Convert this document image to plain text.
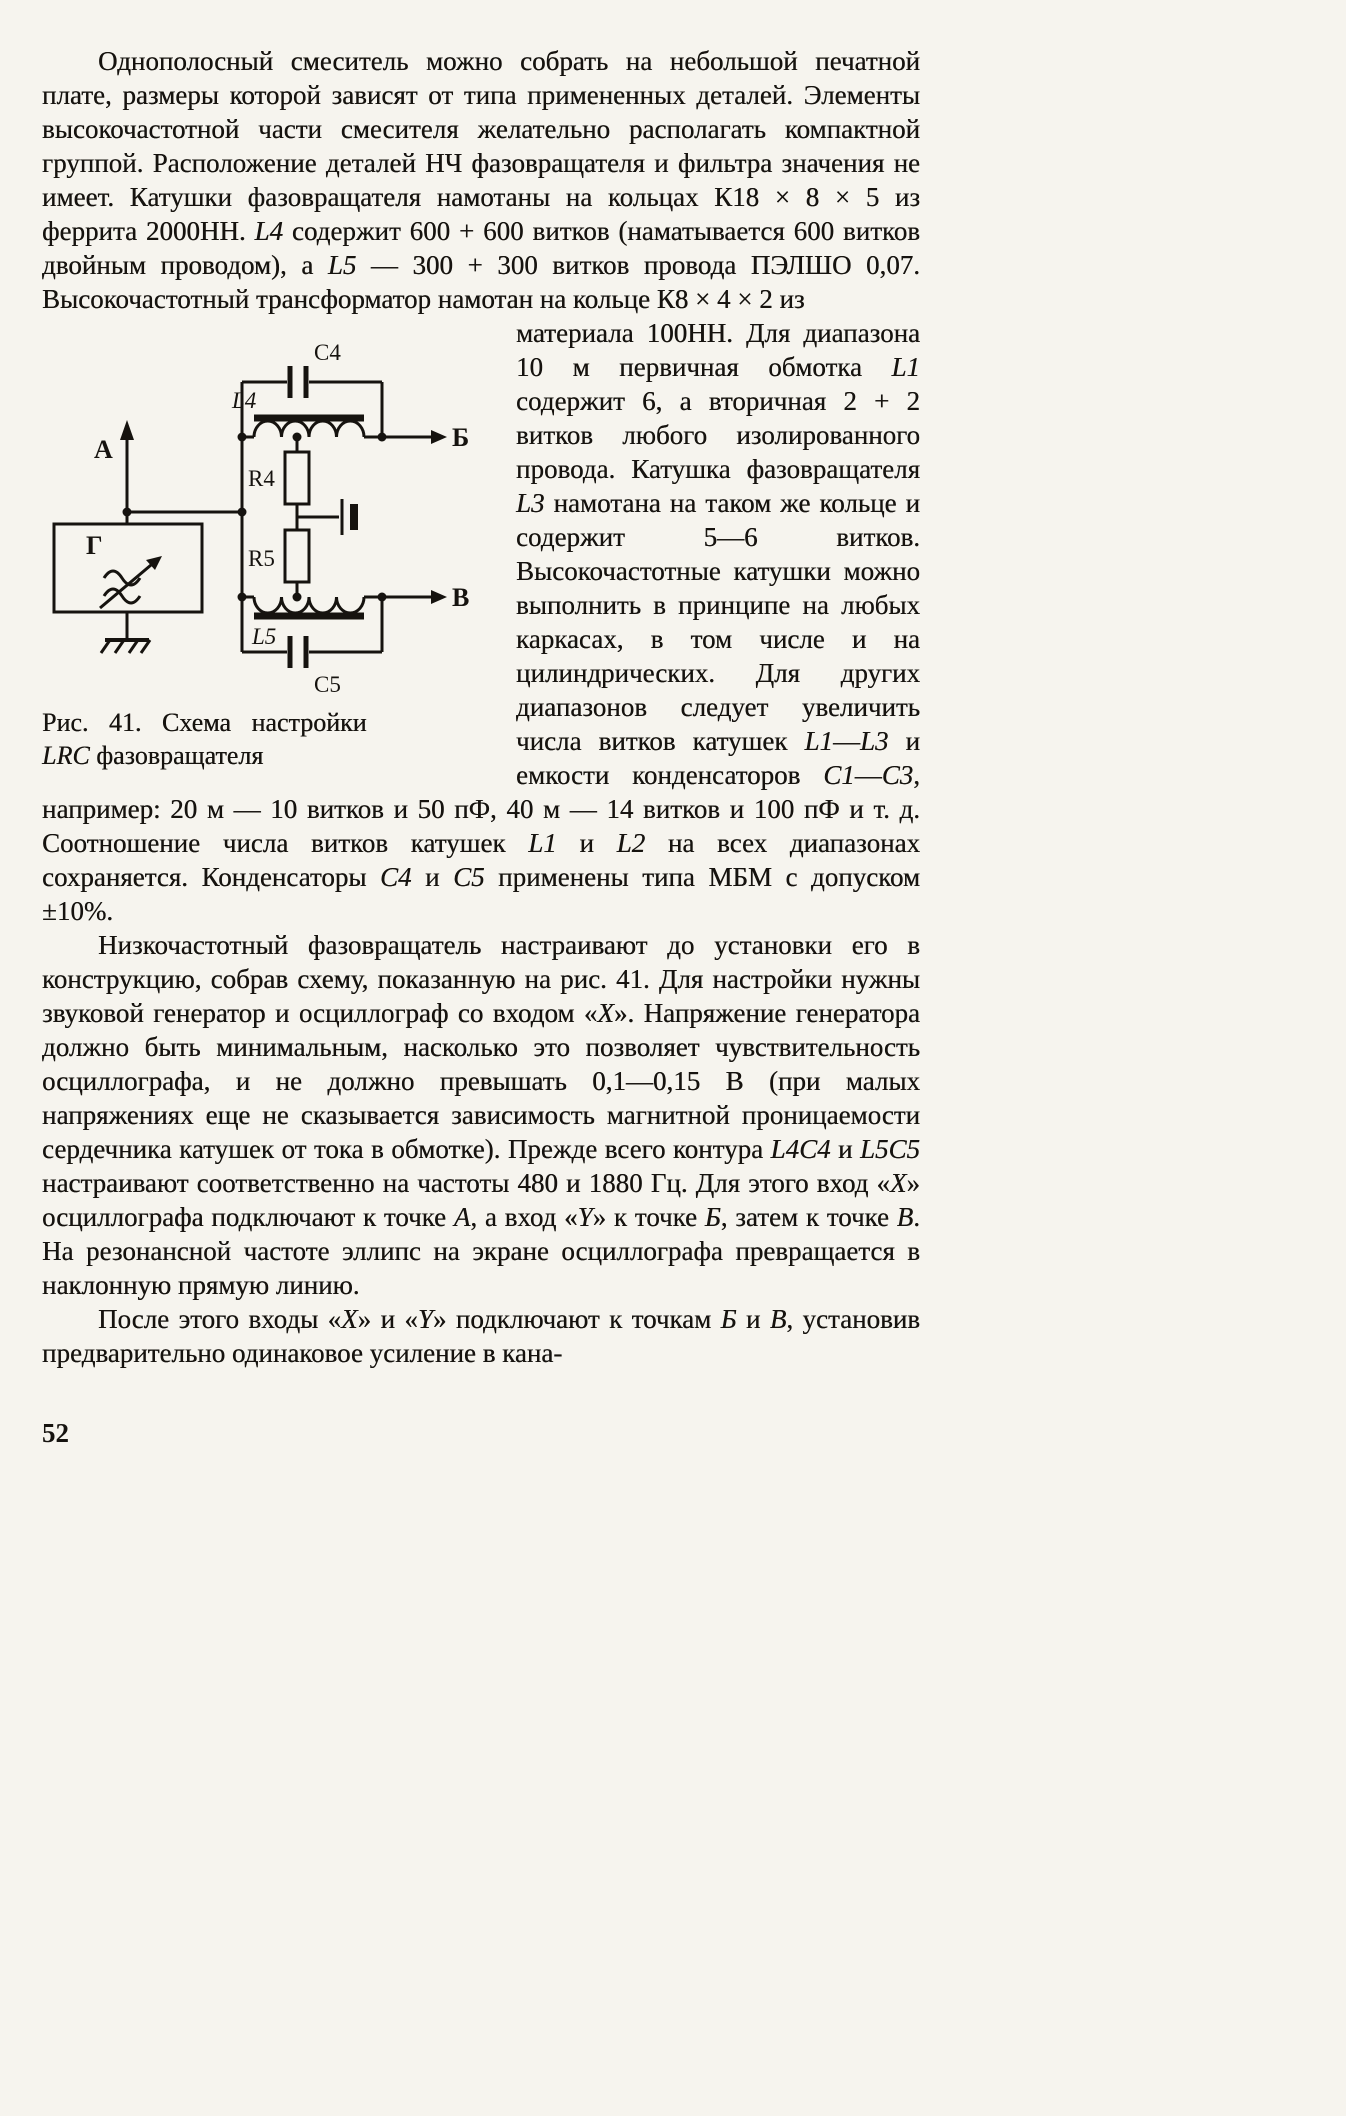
Однополосный смеситель можно собрать на небольшой печатной плате, размеры которой зависят от типа примененных деталей. Элементы высокочастотной части смесителя желательно располагать компактной группой. Расположение деталей НЧ фазовращателя и фильтра значения не имеет. Катушки фазовращателя намотаны на кольцах К18 × 8 × 5 из феррита 2000НН. L4 содержит 600 + 600 витков (наматывается 600 витков двойным проводом), а L5 — 300 + 300 витков провода ПЭЛШО 0,07. Высокочастотный трансформатор намотан на кольце К8 × 4 × 2 из

С4
L4
R4
R5
L5
С5
А	Б
В
Г
Рис. 41. Схема настройки
LRC фазовращателя

материала 100НН. Для диапазона 10 м первичная обмотка L1 содержит 6, а вторичная 2 + 2 витков любого изолированного провода. Катушка фазовращателя L3 намотана на таком же кольце и содержит 5—6 витков. Высокочастотные катушки можно выполнить в принципе на любых каркасах, в том числе и на цилиндрических. Для других диапазонов следует увеличить числа витков катушек L1—L3 и емкости конденсаторов С1—С3, например: 20 м — 10 витков и 50 пФ, 40 м — 14 витков и 100 пФ и т. д. Соотношение числа витков катушек L1 и L2 на всех диапазонах сохраняется. Конденсаторы С4 и С5 применены типа МБМ с допуском ±10%.

Низкочастотный фазовращатель настраивают до установки его в конструкцию, собрав схему, показанную на рис. 41. Для настройки нужны звуковой генератор и осциллограф со входом «X». Напряжение генератора должно быть минимальным, насколько это позволяет чувствительность осциллографа, и не должно превышать 0,1—0,15 В (при малых напряжениях еще не сказывается зависимость магнитной проницаемости сердечника катушек от тока в обмотке). Прежде всего контура L4C4 и L5C5 настраивают соответственно на частоты 480 и 1880 Гц. Для этого вход «X» осциллографа подключают к точке А, а вход «Y» к точке Б, затем к точке В. На резонансной частоте эллипс на экране осциллографа превращается в наклонную прямую линию.

После этого входы «X» и «Y» подключают к точкам Б и В, установив предварительно одинаковое усиление в кана-

52
